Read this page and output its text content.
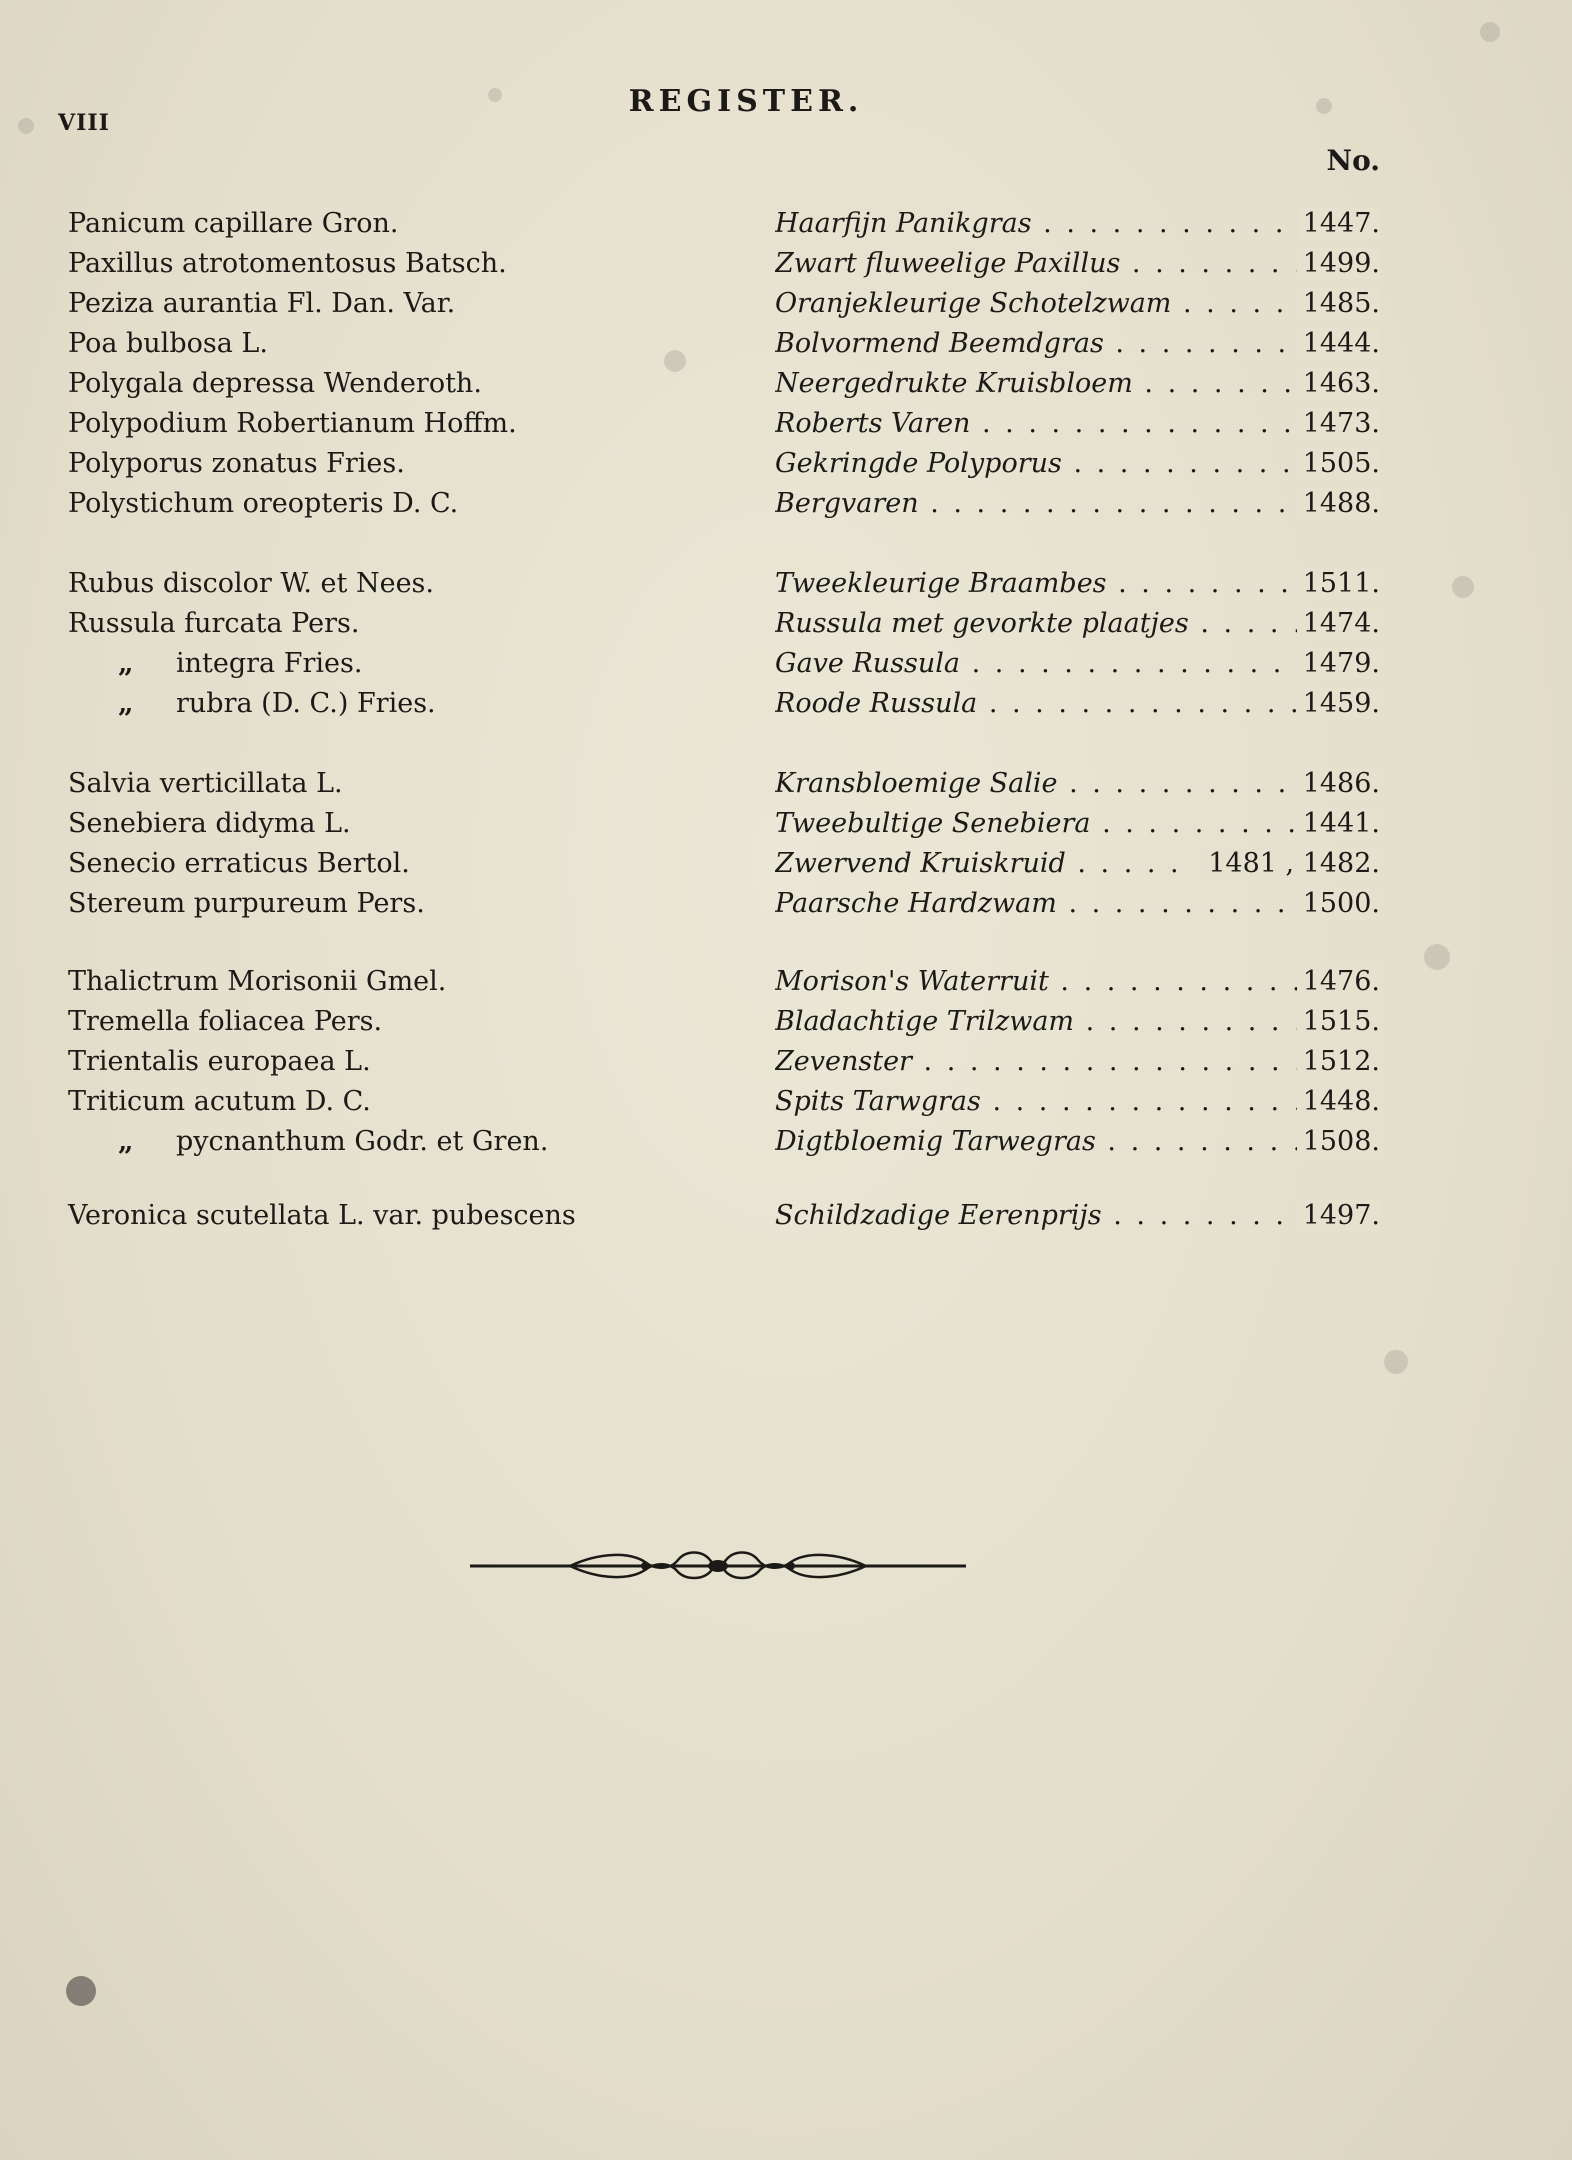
VIII
REGISTER.
No.
Panicum capillare Gron.	Haarfijn Panikgras . . .	1447.
Paxillus atrotomentosus Batsch.	Zwart fluweelige Paxillus . . .	1499.
Peziza aurantia Fl. Dan. Var.	Oranjekleurige Schotelzwam . . .	1485.
Poa bulbosa L.	Bolvormend Beemdgras . . .	1444.
Polygala depressa Wenderoth.	Neergedrukte Kruisbloem . . .	1463.
Polypodium Robertianum Hoffm.	Roberts Varen . . .	1473.
Polyporus zonatus Fries.	Gekringde Polyporus . . .	1505.
Polystichum oreopteris D. C.	Bergvaren . . .	1488.
Rubus discolor W. et Nees.	Tweekleurige Braambes . . .	1511.
Russula furcata Pers.	Russula met gevorkte plaatjes . . .	1474.
„ integra Fries.	Gave Russula . . .	1479.
„ rubra (D. C.) Fries.	Roode Russula . . .	1459.
Salvia verticillata L.	Kransbloemige Salie . . .	1486.
Senebiera didyma L.	Tweebultige Senebiera . . .	1441.
Senecio erraticus Bertol.	Zwervend Kruiskruid . . .	1481 , 1482.
Stereum purpureum Pers.	Paarsche Hardzwam . . .	1500.
Thalictrum Morisonii Gmel.	Morison's Waterruit . . .	1476.
Tremella foliacea Pers.	Bladachtige Trilzwam . . .	1515.
Trientalis europaea L.	Zevenster . . .	1512.
Triticum acutum D. C.	Spits Tarwgras . . .	1448.
„ pycnanthum Godr. et Gren.	Digtbloemig Tarwegras . . .	1508.
Veronica scutellata L. var. pubescens	Schildzadige Eerenprijs . . .	1497.
